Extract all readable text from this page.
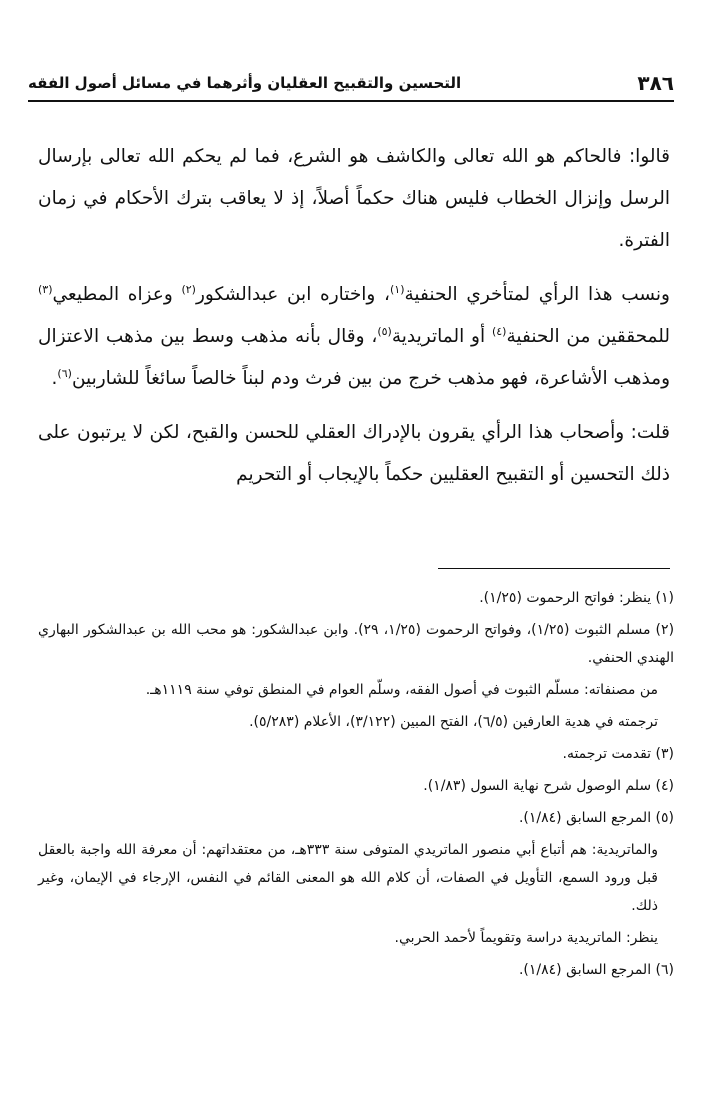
٣٨٦
التحسين والتقبيح العقليان وأثرهما في مسائل أصول الفقه

قالوا: فالحاكم هو الله تعالى والكاشف هو الشرع، فما لم يحكم الله تعالى بإرسال الرسل وإنزال الخطاب فليس هناك حكماً أصلاً، إذ لا يعاقب بترك الأحكام في زمان الفترة.

ونسب هذا الرأي لمتأخري الحنفية$^{(١)}$، واختاره ابن عبدالشكور$^{(٢)}$ وعزاه المطيعي$^{(٣)}$ للمحققين من الحنفية$^{(٤)}$ أو الماتريدية$^{(٥)}$، وقال بأنه مذهب وسط بين مذهب الاعتزال ومذهب الأشاعرة، فهو مذهب خرج من بين فرث ودم لبناً خالصاً سائغاً للشاربين$^{(٦)}$.

قلت: وأصحاب هذا الرأي يقرون بالإدراك العقلي للحسن والقبح، لكن لا يرتبون على ذلك التحسين أو التقبيح العقليين حكماً بالإيجاب أو التحريم

(١) ينظر: فواتح الرحموت (١/٢٥).

(٢) مسلم الثبوت (١/٢٥)، وفواتح الرحموت (١/٢٥، ٢٩). وابن عبدالشكور: هو محب الله بن عبدالشكور البهاري الهندي الحنفي.

من مصنفاته: مسلّم الثبوت في أصول الفقه، وسلّم العوام في المنطق توفي سنة ١١١٩هـ.

ترجمته في هدية العارفين (٦/٥)، الفتح المبين (٣/١٢٢)، الأعلام (٥/٢٨٣).

(٣) تقدمت ترجمته.

(٤) سلم الوصول شرح نهاية السول (١/٨٣).

(٥) المرجع السابق (١/٨٤).

والماتريدية: هم أتباع أبي منصور الماتريدي المتوفى سنة ٣٣٣هـ، من معتقداتهم: أن معرفة الله واجبة بالعقل قبل ورود السمع، التأويل في الصفات، أن كلام الله هو المعنى القائم في النفس، الإرجاء في الإيمان، وغير ذلك.

ينظر: الماتريدية دراسة وتقويماً لأحمد الحربي.

(٦) المرجع السابق (١/٨٤).
